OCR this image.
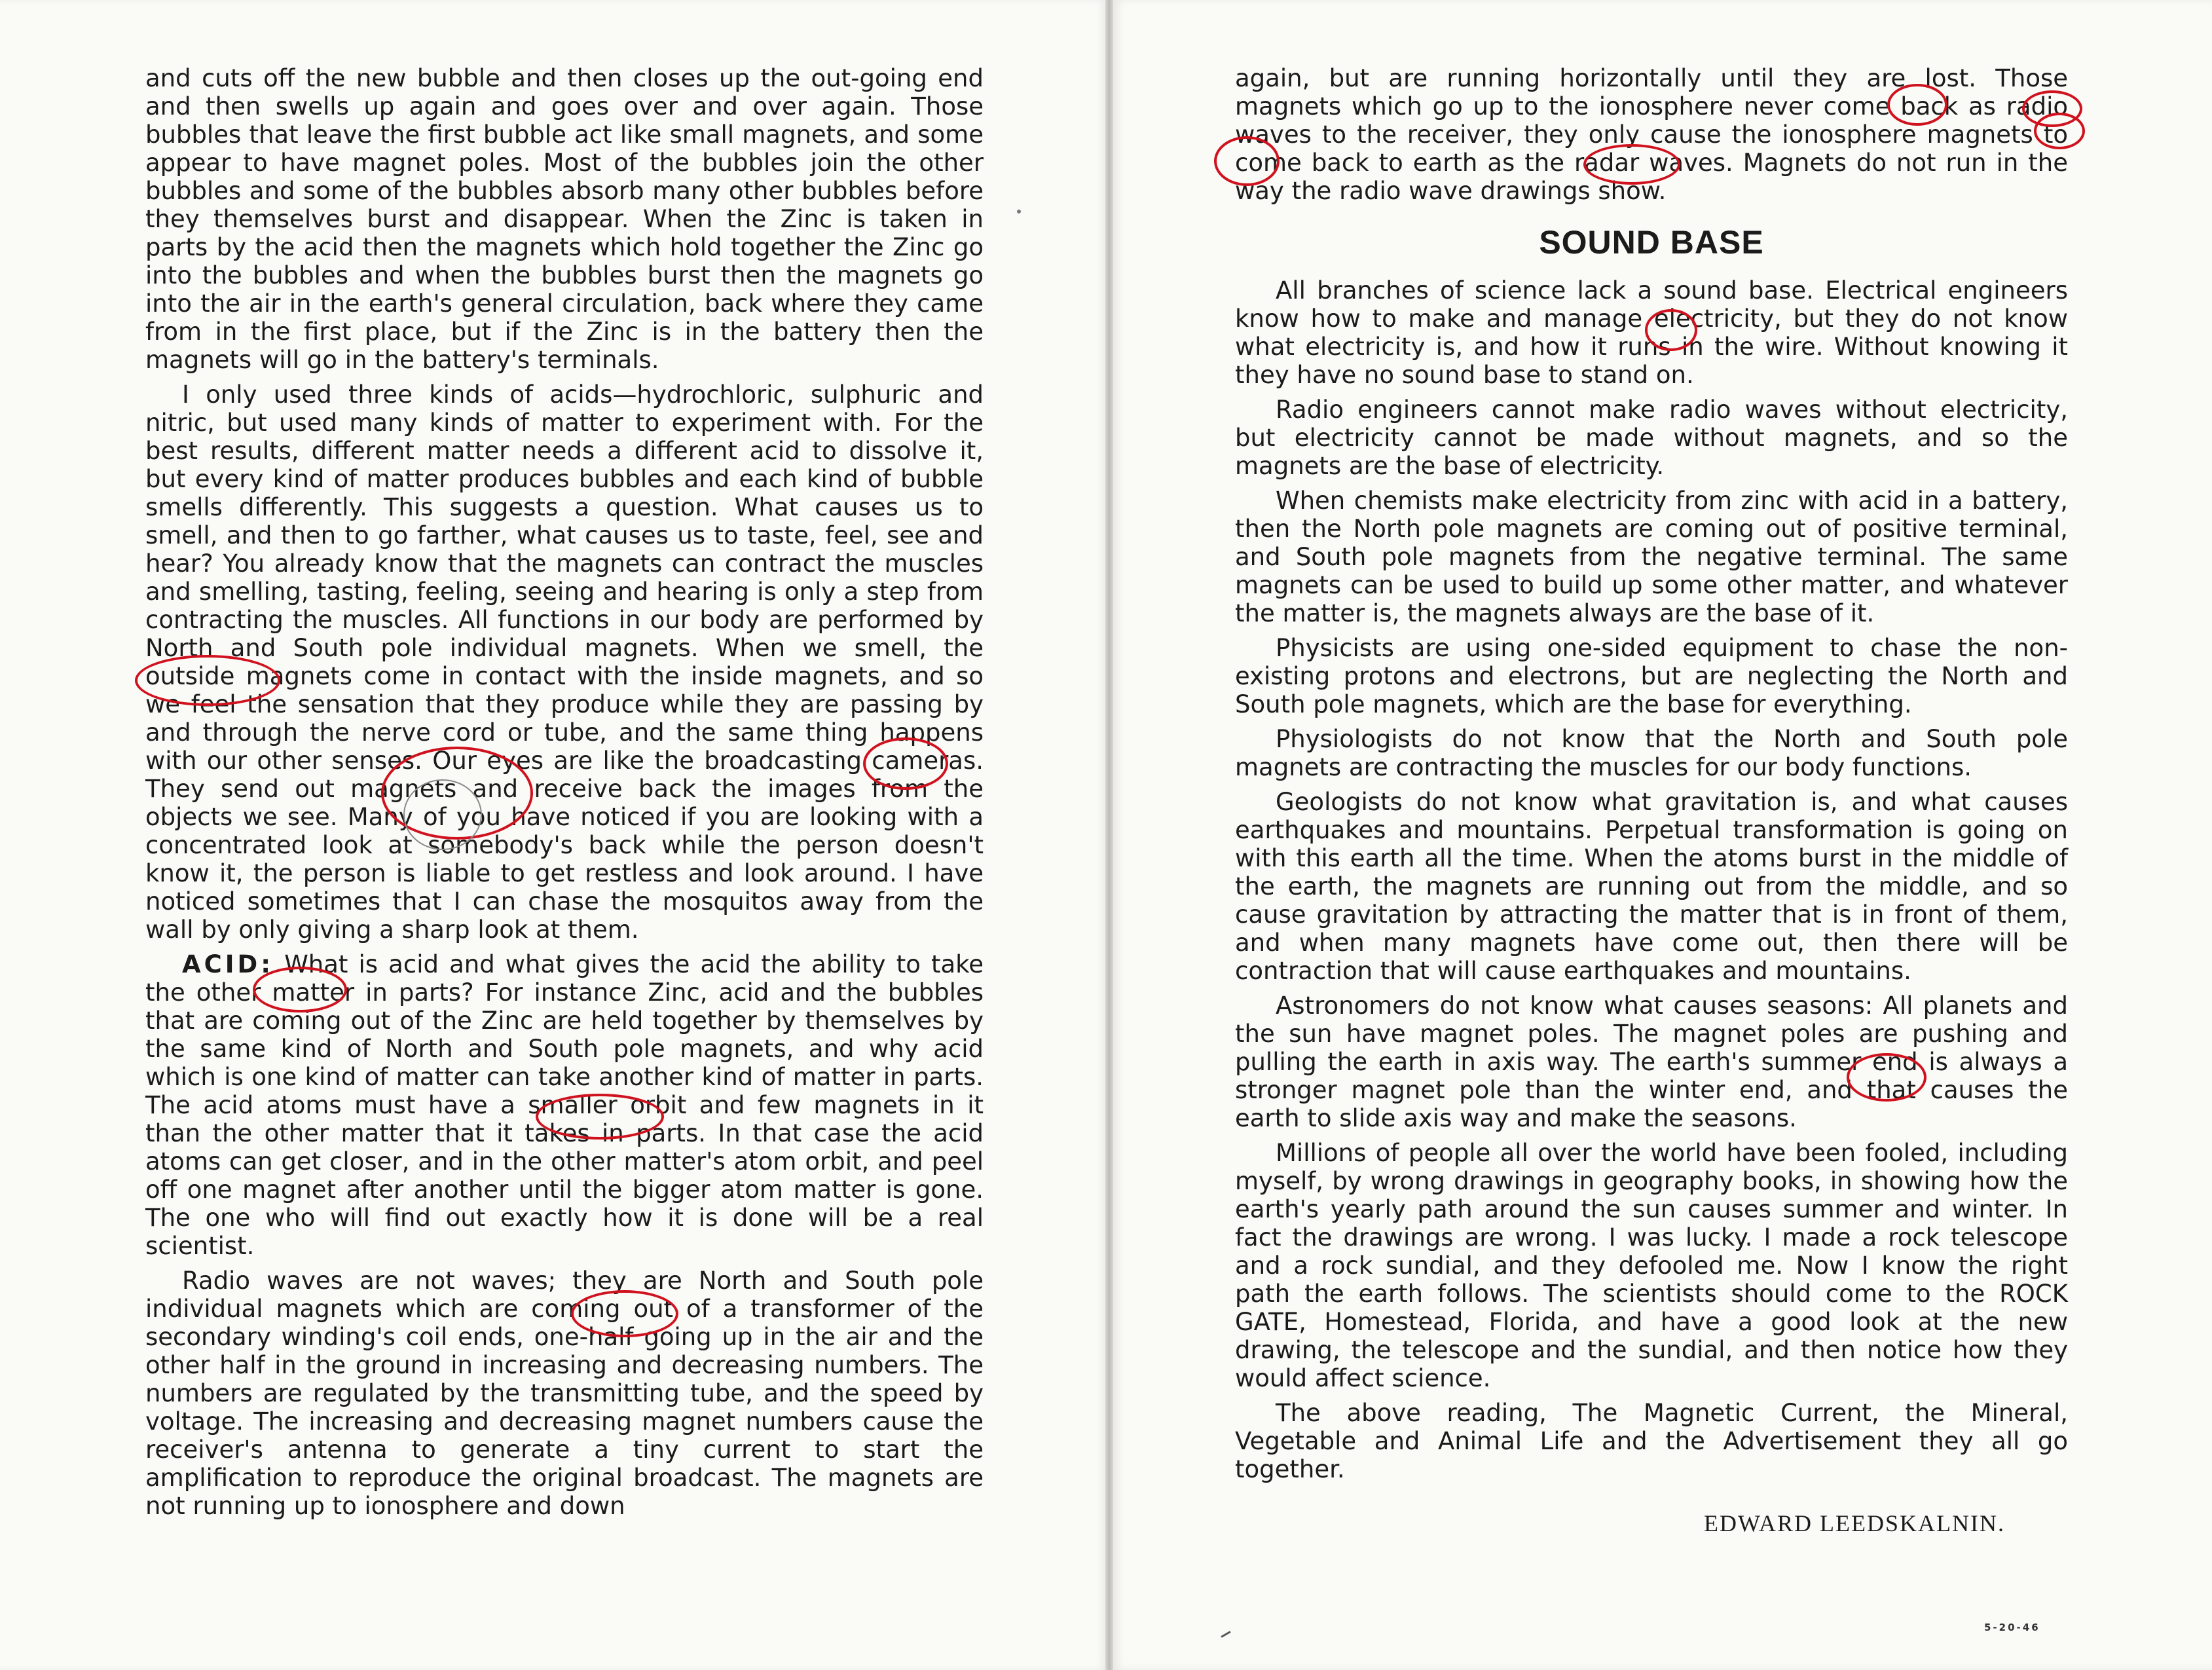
and cuts off the new bubble and then closes up the out-going end and then swells up again and goes over and over again. Those bubbles that leave the first bubble act like small magnets, and some appear to have magnet poles. Most of the bubbles join the other bubbles and some of the bubbles absorb many other bubbles before they themselves burst and disappear. When the Zinc is taken in parts by the acid then the magnets which hold together the Zinc go into the bubbles and when the bubbles burst then the magnets go into the air in the earth's general circulation, back where they came from in the first place, but if the Zinc is in the battery then the magnets will go in the battery's terminals.

I only used three kinds of acids—hydrochloric, sulphuric and nitric, but used many kinds of matter to experiment with. For the best results, different matter needs a different acid to dissolve it, but every kind of matter produces bubbles and each kind of bubble smells differently. This suggests a question. What causes us to smell, and then to go farther, what causes us to taste, feel, see and hear? You already know that the magnets can contract the muscles and smelling, tasting, feeling, seeing and hearing is only a step from contracting the muscles. All functions in our body are performed by North and South pole individual magnets. When we smell, the outside magnets come in contact with the inside magnets, and so we feel the sensation that they produce while they are passing by and through the nerve cord or tube, and the same thing happens with our other senses. Our eyes are like the broadcasting cameras. They send out magnets and receive back the images from the objects we see. Many of you have noticed if you are looking with a concentrated look at somebody's back while the person doesn't know it, the person is liable to get restless and look around. I have noticed sometimes that I can chase the mosquitos away from the wall by only giving a sharp look at them.

ACID: What is acid and what gives the acid the ability to take the other matter in parts? For instance Zinc, acid and the bubbles that are coming out of the Zinc are held together by themselves by the same kind of North and South pole magnets, and why acid which is one kind of matter can take another kind of matter in parts. The acid atoms must have a smaller orbit and few magnets in it than the other matter that it takes in parts. In that case the acid atoms can get closer, and in the other matter's atom orbit, and peel off one magnet after another until the bigger atom matter is gone. The one who will find out exactly how it is done will be a real scientist.

Radio waves are not waves; they are North and South pole individual magnets which are coming out of a transformer of the secondary winding's coil ends, one-half going up in the air and the other half in the ground in increasing and decreasing numbers. The numbers are regulated by the transmitting tube, and the speed by voltage. The increasing and decreasing magnet numbers cause the receiver's antenna to generate a tiny current to start the amplification to reproduce the original broadcast. The magnets are not running up to ionosphere and down

again, but are running horizontally until they are lost. Those magnets which go up to the ionosphere never come back as radio waves to the receiver, they only cause the ionosphere magnets to come back to earth as the radar waves. Magnets do not run in the way the radio wave drawings show.

SOUND BASE

All branches of science lack a sound base. Electrical engineers know how to make and manage electricity, but they do not know what electricity is, and how it runs in the wire. Without knowing it they have no sound base to stand on.

Radio engineers cannot make radio waves without electricity, but electricity cannot be made without magnets, and so the magnets are the base of electricity.

When chemists make electricity from zinc with acid in a battery, then the North pole magnets are coming out of positive terminal, and South pole magnets from the negative terminal. The same magnets can be used to build up some other matter, and whatever the matter is, the magnets always are the base of it.

Physicists are using one-sided equipment to chase the non-existing protons and electrons, but are neglecting the North and South pole magnets, which are the base for everything.

Physiologists do not know that the North and South pole magnets are contracting the muscles for our body functions.

Geologists do not know what gravitation is, and what causes earthquakes and mountains. Perpetual transformation is going on with this earth all the time. When the atoms burst in the middle of the earth, the magnets are running out from the middle, and so cause gravitation by attracting the matter that is in front of them, and when many magnets have come out, then there will be contraction that will cause earthquakes and mountains.

Astronomers do not know what causes seasons: All planets and the sun have magnet poles. The magnet poles are pushing and pulling the earth in axis way. The earth's summer end is always a stronger magnet pole than the winter end, and that causes the earth to slide axis way and make the seasons.

Millions of people all over the world have been fooled, including myself, by wrong drawings in geography books, in showing how the earth's yearly path around the sun causes summer and winter. In fact the drawings are wrong. I was lucky. I made a rock telescope and a rock sundial, and they defooled me. Now I know the right path the earth follows. The scientists should come to the ROCK GATE, Homestead, Florida, and have a good look at the new drawing, the telescope and the sundial, and then notice how they would affect science.

The above reading, The Magnetic Current, the Mineral, Vegetable and Animal Life and the Advertisement they all go together.

EDWARD LEEDSKALNIN.
5-20-46
